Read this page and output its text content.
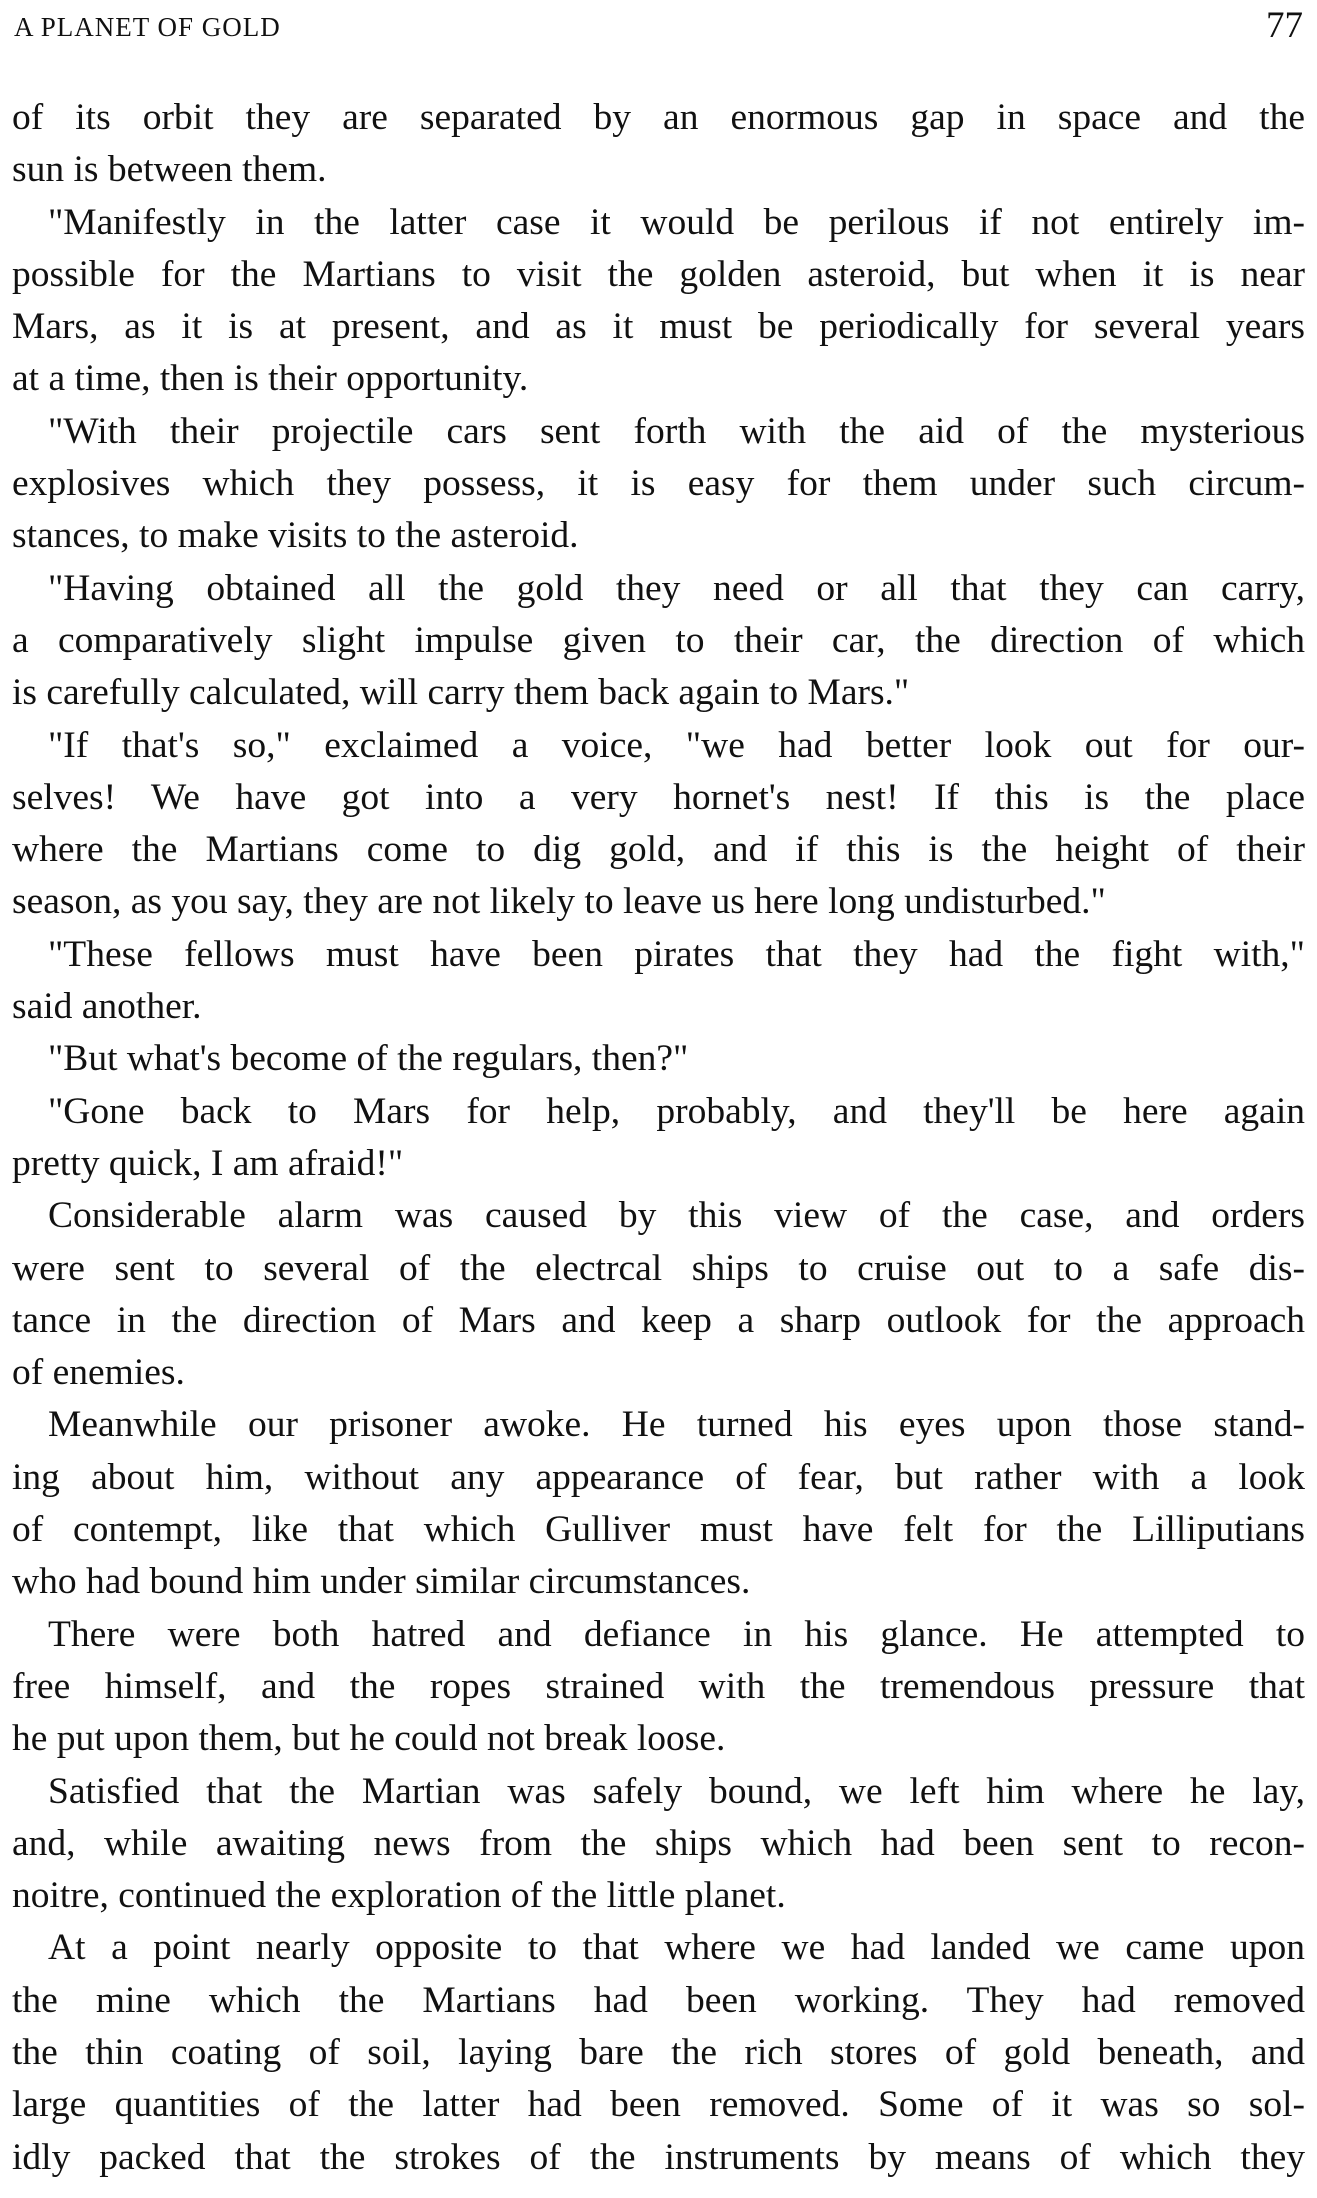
A PLANET OF GOLD	77

of its orbit they are separated by an enormous gap in space and the
sun is between them.

"Manifestly in the latter case it would be perilous if not entirely im-
possible for the Martians to visit the golden asteroid, but when it is near
Mars, as it is at present, and as it must be periodically for several years
at a time, then is their opportunity.

"With their projectile cars sent forth with the aid of the mysterious
explosives which they possess, it is easy for them under such circum-
stances, to make visits to the asteroid.

"Having obtained all the gold they need or all that they can carry,
a comparatively slight impulse given to their car, the direction of which
is carefully calculated, will carry them back again to Mars."

"If that's so," exclaimed a voice, "we had better look out for our-
selves! We have got into a very hornet's nest! If this is the place
where the Martians come to dig gold, and if this is the height of their
season, as you say, they are not likely to leave us here long undisturbed."

"These fellows must have been pirates that they had the fight with,"
said another.

"But what's become of the regulars, then?"

"Gone back to Mars for help, probably, and they'll be here again
pretty quick, I am afraid!"

Considerable alarm was caused by this view of the case, and orders
were sent to several of the electrcal ships to cruise out to a safe dis-
tance in the direction of Mars and keep a sharp outlook for the approach
of enemies.

Meanwhile our prisoner awoke. He turned his eyes upon those stand-
ing about him, without any appearance of fear, but rather with a look
of contempt, like that which Gulliver must have felt for the Lilliputians
who had bound him under similar circumstances.

There were both hatred and defiance in his glance. He attempted to
free himself, and the ropes strained with the tremendous pressure that
he put upon them, but he could not break loose.

Satisfied that the Martian was safely bound, we left him where he lay,
and, while awaiting news from the ships which had been sent to recon-
noitre, continued the exploration of the little planet.

At a point nearly opposite to that where we had landed we came upon
the mine which the Martians had been working. They had removed
the thin coating of soil, laying bare the rich stores of gold beneath, and
large quantities of the latter had been removed. Some of it was so sol-
idly packed that the strokes of the instruments by means of which they
